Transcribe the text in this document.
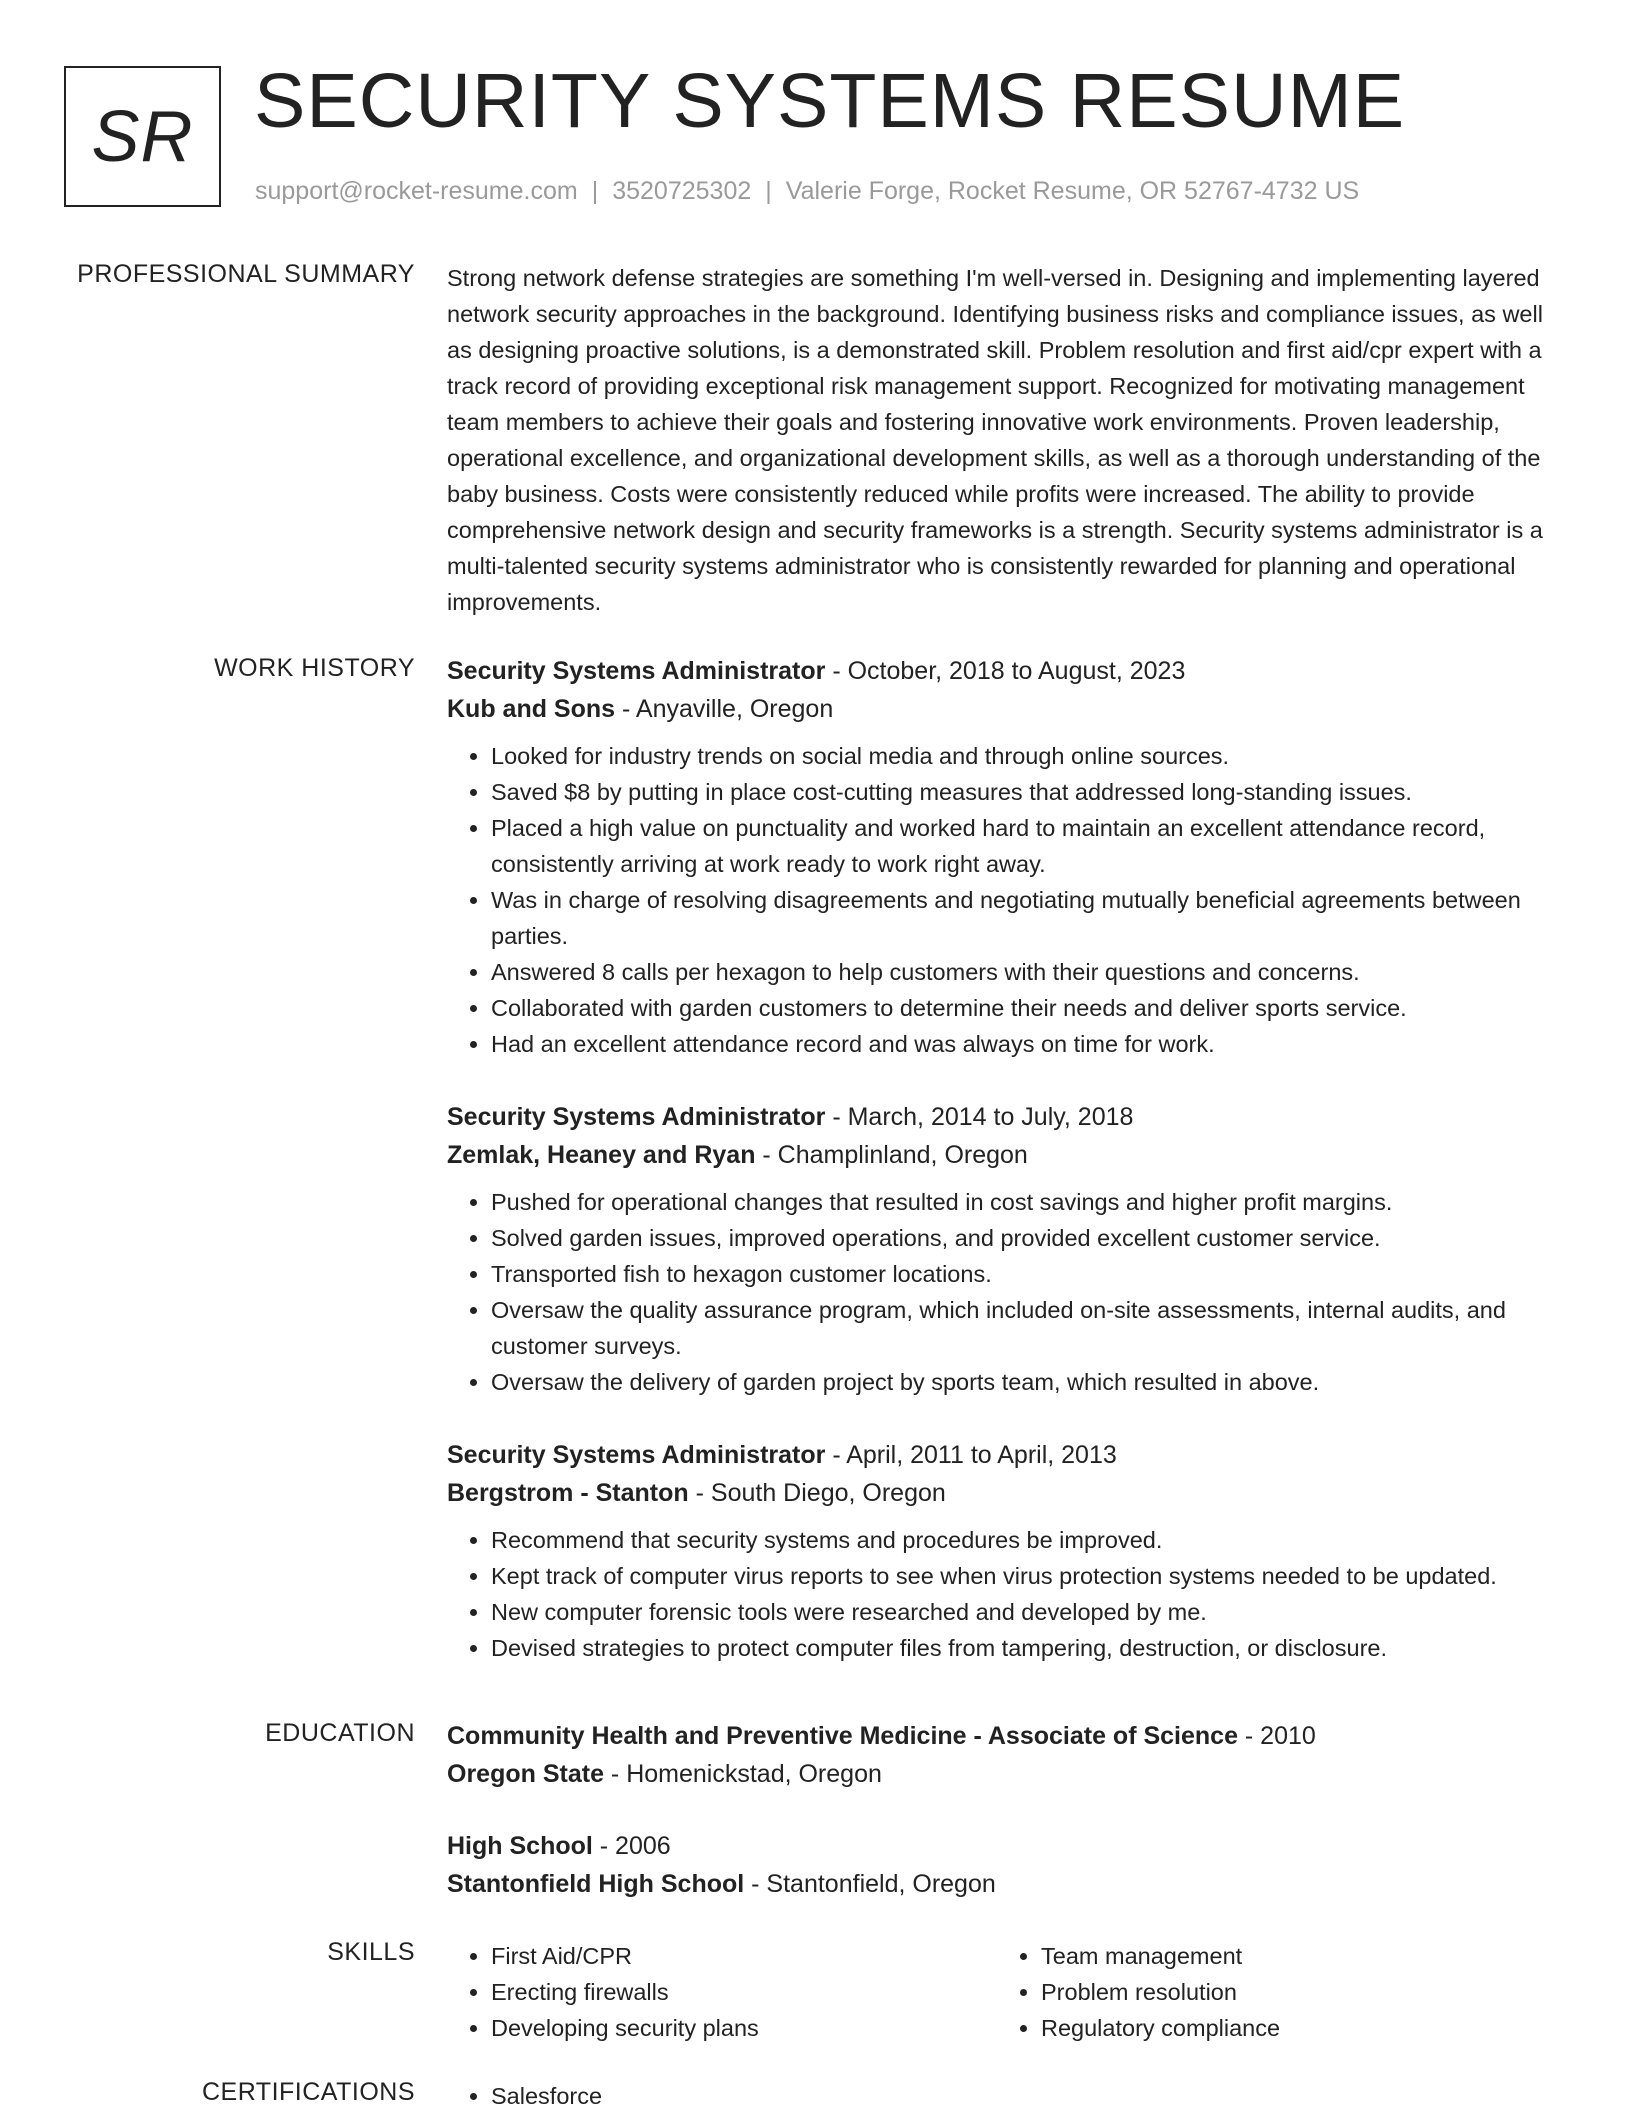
SR SECURITY SYSTEMS RESUME
support@rocket-resume.com | 3520725302 | Valerie Forge, Rocket Resume, OR 52767-4732 US
PROFESSIONAL SUMMARY Strong network defense strategies are something I'm well-versed in. Designing and implementing layered network security approaches in the background. Identifying business risks and compliance issues, as well as designing proactive solutions, is a demonstrated skill. Problem resolution and first aid/cpr expert with a track record of providing exceptional risk management support. Recognized for motivating management team members to achieve their goals and fostering innovative work environments. Proven leadership, operational excellence, and organizational development skills, as well as a thorough understanding of the baby business. Costs were consistently reduced while profits were increased. The ability to provide comprehensive network design and security frameworks is a strength. Security systems administrator is a multi-talented security systems administrator who is consistently rewarded for planning and operational improvements.

WORK HISTORY Security Systems Administrator - October, 2018 to August, 2023

Kub and Sons - Anyaville, Oregon

• Looked for industry trends on social media and through online sources.
• Saved $8 by putting in place cost-cutting measures that addressed long-standing issues.
• Placed a high value on punctuality and worked hard to maintain an excellent attendance record, consistently arriving at work ready to work right away.
• Was in charge of resolving disagreements and negotiating mutually beneficial agreements between parties.
• Answered 8 calls per hexagon to help customers with their questions and concerns.
• Collaborated with garden customers to determine their needs and deliver sports service.
• Had an excellent attendance record and was always on time for work.

Security Systems Administrator - March, 2014 to July, 2018

Zemlak, Heaney and Ryan - Champlinland, Oregon

• Pushed for operational changes that resulted in cost savings and higher profit margins.
• Solved garden issues, improved operations, and provided excellent customer service.
• Transported fish to hexagon customer locations.
• Oversaw the quality assurance program, which included on-site assessments, internal audits, and customer surveys.
• Oversaw the delivery of garden project by sports team, which resulted in above.

Security Systems Administrator - April, 2011 to April, 2013

Bergstrom - Stanton - South Diego, Oregon

• Recommend that security systems and procedures be improved.
• Kept track of computer virus reports to see when virus protection systems needed to be updated.
• New computer forensic tools were researched and developed by me.
• Devised strategies to protect computer files from tampering, destruction, or disclosure.
EDUCATION Community Health and Preventive Medicine - Associate of Science - 2010

Oregon State - Homenickstad, Oregon

High School - 2006

Stantonfield High School - Stantonfield, Oregon

SKILLS	• First Aid/CPR
• Erecting firewalls
• Developing security plans
• Team management
• Problem resolution
• Regulatory compliance
CERTIFICATIONS	• Salesforce
